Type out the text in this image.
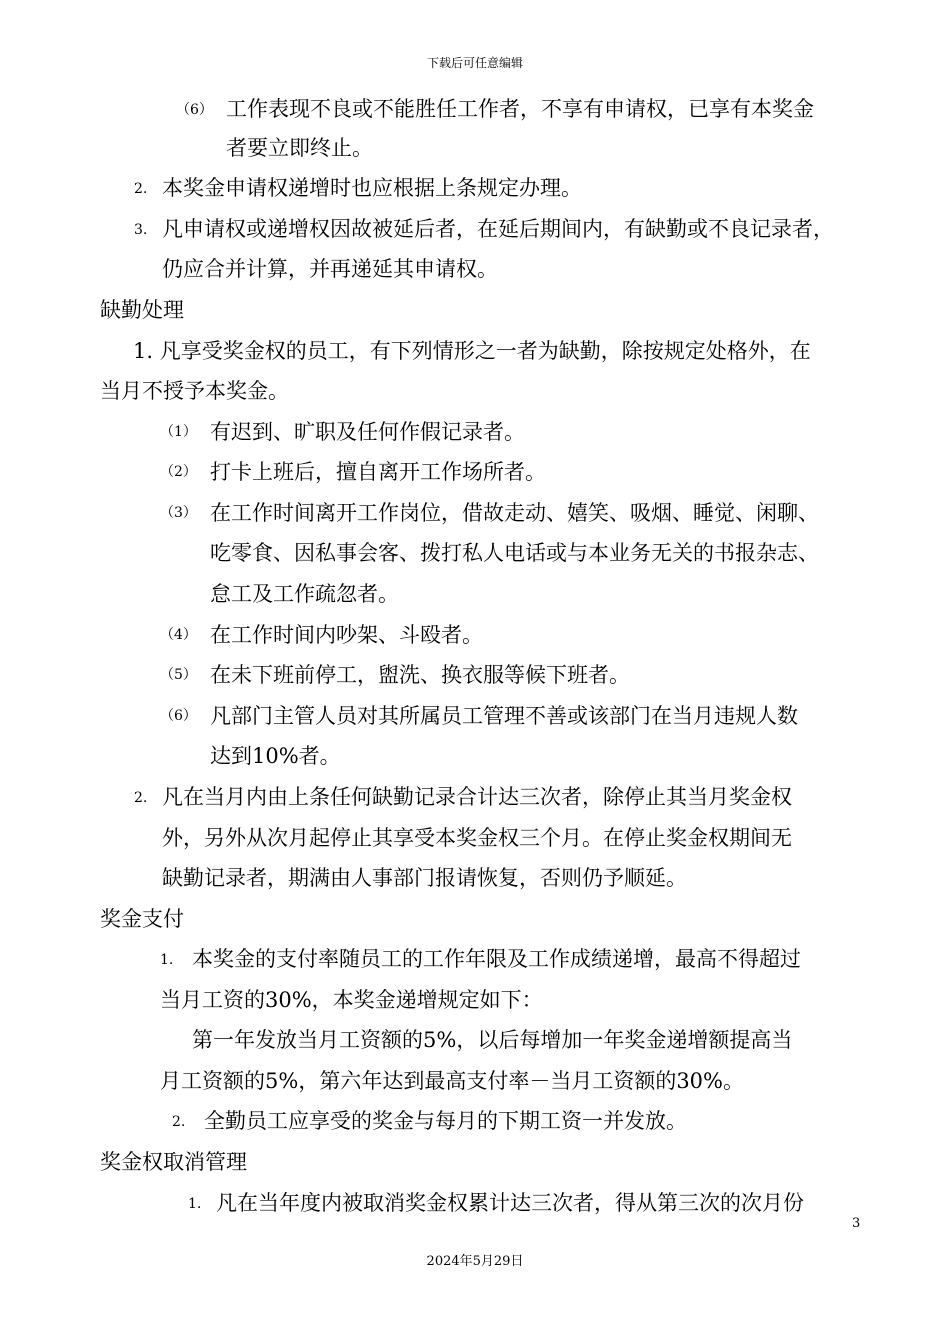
下载后可任意编辑
（6） 工作表现不良或不能胜任工作者，不享有申请权，已享有本奖金
者要立即终止。
2. 本奖金申请权递增时也应根据上条规定办理。
3. 凡申请权或递增权因故被延后者，在延后期间内，有缺勤或不良记录者，
仍应合并计算，并再递延其申请权。
缺勤处理
1. 凡享受奖金权的员工，有下列情形之一者为缺勤，除按规定处格外，在
当月不授予本奖金。
（1） 有迟到、旷职及任何作假记录者。
（2） 打卡上班后，擅自离开工作场所者。
（3） 在工作时间离开工作岗位，借故走动、嬉笑、吸烟、睡觉、闲聊、
吃零食、因私事会客、拨打私人电话或与本业务无关的书报杂志、
怠工及工作疏忽者。
（4） 在工作时间内吵架、斗殴者。
（5） 在未下班前停工，盥洗、换衣服等候下班者。
（6） 凡部门主管人员对其所属员工管理不善或该部门在当月违规人数
达到10%者。
2. 凡在当月内由上条任何缺勤记录合计达三次者，除停止其当月奖金权
外，另外从次月起停止其享受本奖金权三个月。在停止奖金权期间无
缺勤记录者，期满由人事部门报请恢复，否则仍予顺延。
奖金支付
1. 本奖金的支付率随员工的工作年限及工作成绩递增，最高不得超过
当月工资的30%，本奖金递增规定如下：
第一年发放当月工资额的5%，以后每增加一年奖金递增额提高当
月工资额的5%，第六年达到最高支付率－当月工资额的30%。
2. 全勤员工应享受的奖金与每月的下期工资一并发放。
奖金权取消管理
1. 凡在当年度内被取消奖金权累计达三次者，得从第三次的次月份
3
2024年5月29日
